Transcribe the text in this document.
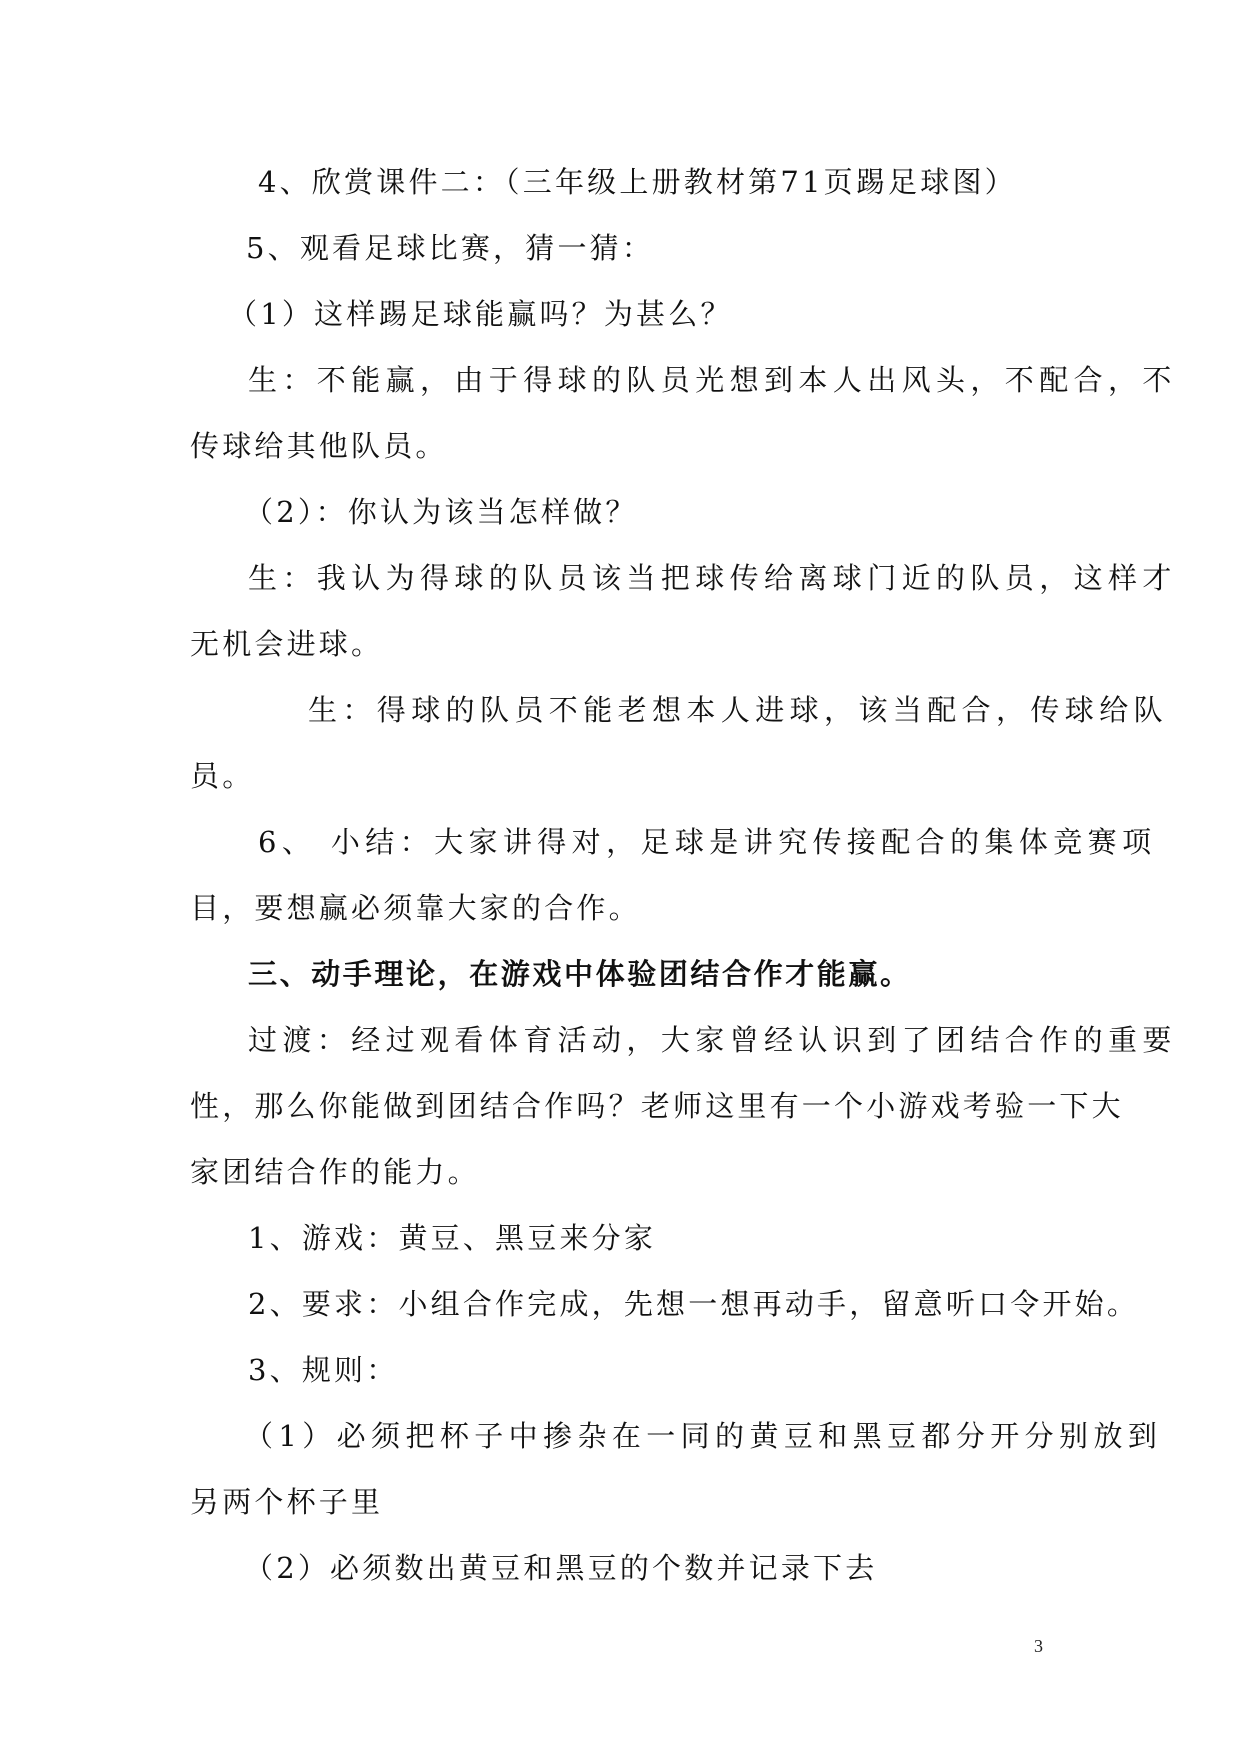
4、欣赏课件二：（三年级上册教材第71页踢足球图）
5、观看足球比赛，猜一猜：
（1）这样踢足球能赢吗？为甚么？
生：不能赢，由于得球的队员光想到本人出风头，不配合，不
传球给其他队员。
（2）：你认为该当怎样做？
生：我认为得球的队员该当把球传给离球门近的队员，这样才
无机会进球。
生：得球的队员不能老想本人进球，该当配合，传球给队
员。
6、 小结：大家讲得对，足球是讲究传接配合的集体竞赛项
目，要想赢必须靠大家的合作。
三、动手理论，在游戏中体验团结合作才能赢。
过渡：经过观看体育活动，大家曾经认识到了团结合作的重要
性，那么你能做到团结合作吗？老师这里有一个小游戏考验一下大
家团结合作的能力。
1、游戏：黄豆、黑豆来分家
2、要求：小组合作完成，先想一想再动手，留意听口令开始。
3、规则：
（1）必须把杯子中掺杂在一同的黄豆和黑豆都分开分别放到
另两个杯子里
（2）必须数出黄豆和黑豆的个数并记录下去
3
